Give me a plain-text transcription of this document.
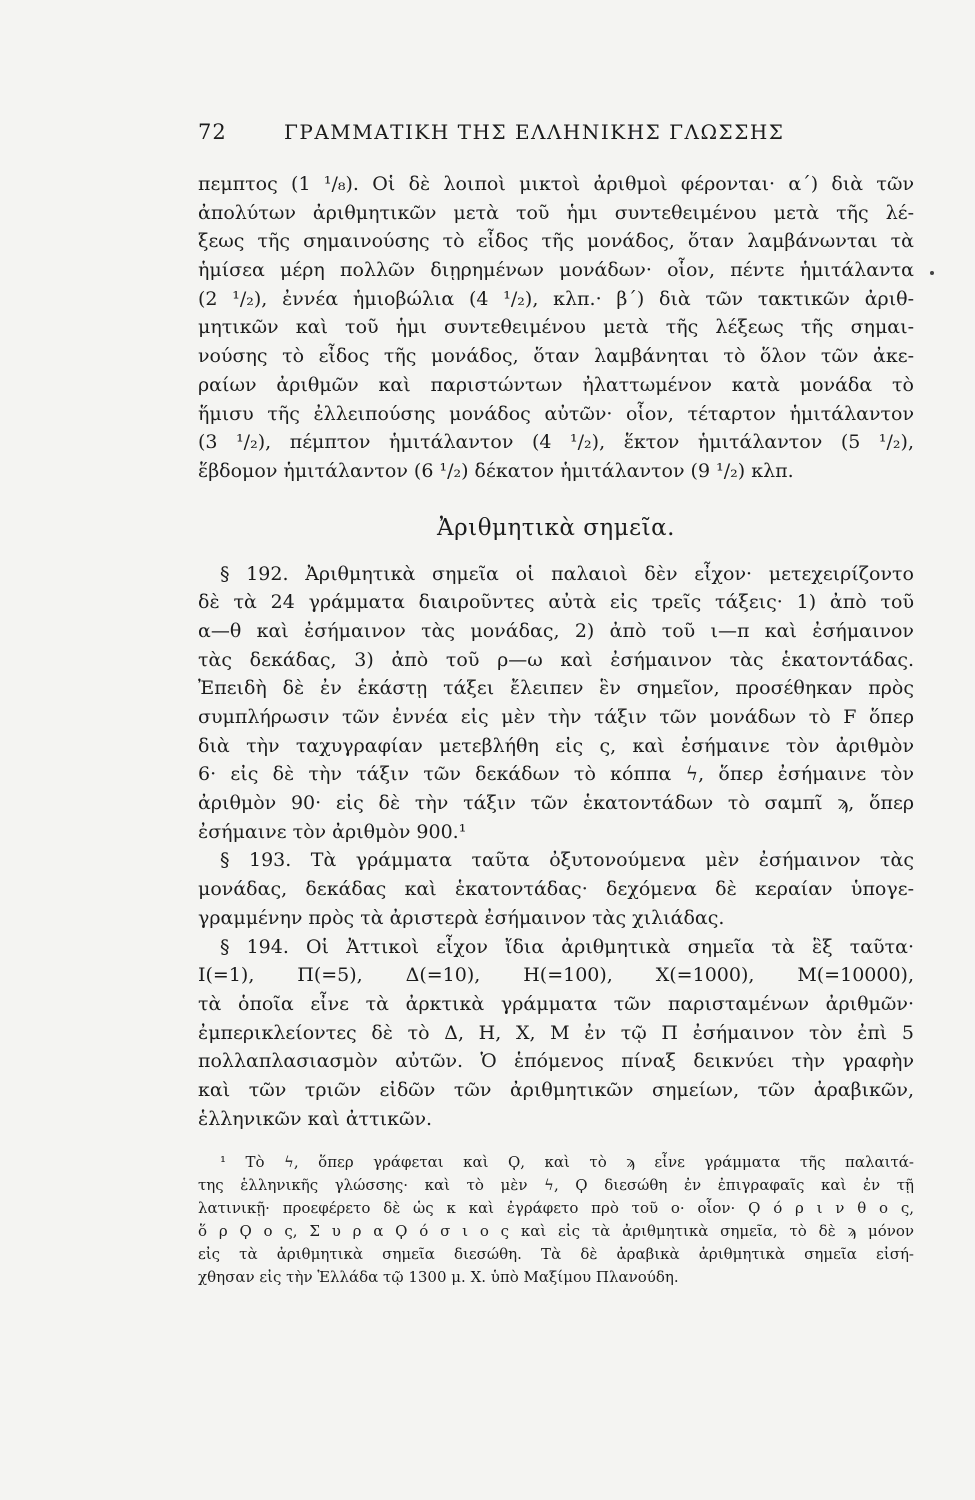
72	ΓΡΑΜΜΑΤΙΚΗ ΤΗΣ ΕΛΛΗΝΙΚΗΣ ΓΛΩΣΣΗΣ
πεμπτος (1 ¹/₈). Οἱ δὲ λοιποὶ μικτοὶ ἀριθμοὶ φέρονται· α΄) διὰ τῶν
ἀπολύτων ἀριθμητικῶν μετὰ τοῦ ἡμι συντεθειμένου μετὰ τῆς λέ-
ξεως τῆς σημαινούσης τὸ εἶδος τῆς μονάδος, ὅταν λαμβάνωνται τὰ
ἡμίσεα μέρη πολλῶν διῃρημένων μονάδων· οἷον, πέντε ἡμιτάλαντα
(2 ¹/₂), ἐννέα ἡμιοβώλια (4 ¹/₂), κλπ.· β΄) διὰ τῶν τακτικῶν ἀριθ-
μητικῶν καὶ τοῦ ἡμι συντεθειμένου μετὰ τῆς λέξεως τῆς σημαι-
νούσης τὸ εἶδος τῆς μονάδος, ὅταν λαμβάνηται τὸ ὅλον τῶν ἀκε-
ραίων ἀριθμῶν καὶ παριστώντων ἠλαττωμένον κατὰ μονάδα τὸ
ἥμισυ τῆς ἐλλειπούσης μονάδος αὐτῶν· οἷον, τέταρτον ἡμιτάλαντον
(3 ¹/₂), πέμπτον ἡμιτάλαντον (4 ¹/₂), ἕκτον ἡμιτάλαντον (5 ¹/₂),
ἕβδομον ἡμιτάλαντον (6 ¹/₂) δέκατον ἡμιτάλαντον (9 ¹/₂) κλπ.
Ἀριθμητικὰ σημεῖα.
§ 192. Ἀριθμητικὰ σημεῖα οἱ παλαιοὶ δὲν εἶχον· μετεχειρίζοντο
δὲ τὰ 24 γράμματα διαιροῦντες αὐτὰ εἰς τρεῖς τάξεις· 1) ἀπὸ τοῦ
α—θ καὶ ἐσήμαινον τὰς μονάδας, 2) ἀπὸ τοῦ ι—π καὶ ἐσήμαινον
τὰς δεκάδας, 3) ἀπὸ τοῦ ρ—ω καὶ ἐσήμαινον τὰς ἑκατοντάδας.
Ἐπειδὴ δὲ ἐν ἑκάστῃ τάξει ἔλειπεν ἓν σημεῖον, προσέθηκαν πρὸς
συμπλήρωσιν τῶν ἐννέα εἰς μὲν τὴν τάξιν τῶν μονάδων τὸ F ὅπερ
διὰ τὴν ταχυγραφίαν μετεβλήθη εἰς ς, καὶ ἐσήμαινε τὸν ἀριθμὸν
6· εἰς δὲ τὴν τάξιν τῶν δεκάδων τὸ κόππα ϟ, ὅπερ ἐσήμαινε τὸν
ἀριθμὸν 90· εἰς δὲ τὴν τάξιν τῶν ἑκατοντάδων τὸ σαμπῖ ϡ, ὅπερ
ἐσήμαινε τὸν ἀριθμὸν 900.¹
§ 193. Τὰ γράμματα ταῦτα ὀξυτονούμενα μὲν ἐσήμαινον τὰς
μονάδας, δεκάδας καὶ ἑκατοντάδας· δεχόμενα δὲ κεραίαν ὑπογε-
γραμμένην πρὸς τὰ ἀριστερὰ ἐσήμαινον τὰς χιλιάδας.
§ 194. Οἱ Ἀττικοὶ εἶχον ἴδια ἀριθμητικὰ σημεῖα τὰ ἓξ ταῦτα·
Ι(=1), Π(=5), Δ(=10), Η(=100), Χ(=1000), Μ(=10000),
τὰ ὁποῖα εἶνε τὰ ἀρκτικὰ γράμματα τῶν παρισταμένων ἀριθμῶν·
ἐμπερικλείοντες δὲ τὸ Δ, Η, Χ, Μ ἐν τῷ Π ἐσήμαινον τὸν ἐπὶ 5
πολλαπλασιασμὸν αὐτῶν. Ὁ ἑπόμενος πίναξ δεικνύει τὴν γραφὴν
καὶ τῶν τριῶν εἰδῶν τῶν ἀριθμητικῶν σημείων, τῶν ἀραβικῶν,
ἑλληνικῶν καὶ ἀττικῶν.
¹ Τὸ ϟ, ὅπερ γράφεται καὶ Ϙ, καὶ τὸ ϡ εἶνε γράμματα τῆς παλαιτά-
της ἑλληνικῆς γλώσσης· καὶ τὸ μὲν ϟ, Ϙ διεσώθη ἐν ἐπιγραφαῖς καὶ ἐν τῇ
λατινικῇ· προεφέρετο δὲ ὡς κ καὶ ἐγράφετο πρὸ τοῦ ο· οἷον· Ϙ ό ρ ι ν θ ο ς,
ὅ ρ Ϙ ο ς, Σ υ ρ α Ϙ ό σ ι ο ς καὶ εἰς τὰ ἀριθμητικὰ σημεῖα, τὸ δὲ ϡ μόνον
εἰς τὰ ἀριθμητικὰ σημεῖα διεσώθη. Τὰ δὲ ἀραβικὰ ἀριθμητικὰ σημεῖα εἰσή-
χθησαν εἰς τὴν Ἑλλάδα τῷ 1300 μ. Χ. ὑπὸ Μαξίμου Πλανούδη.
